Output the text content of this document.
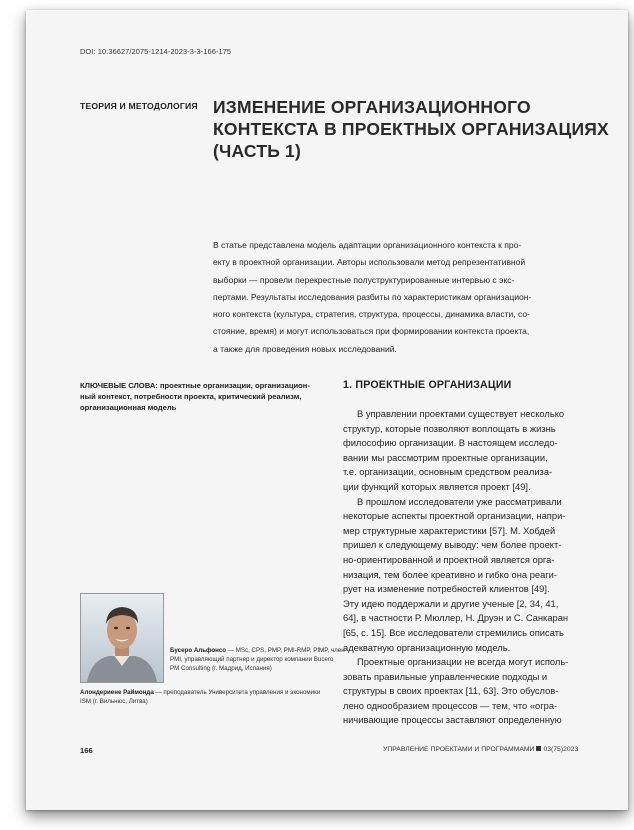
DOI: 10.36627/2075-1214-2023-3-3-166-175
ТЕОРИЯ И МЕТОДОЛОГИЯ ИЗМЕНЕНИЕ ОРГАНИЗАЦИОННОГО
КОНТЕКСТА В ПРОЕКТНЫХ ОРГАНИЗАЦИЯХ
(ЧАСТЬ 1)
В статье представлена модель адаптации организационного контекста к про-
екту в проектной организации. Авторы использовали метод репрезентативной
выборки — провели перекрестные полуструктурированные интервью с экс-
пертами. Результаты исследования разбиты по характеристикам организацион-
ного контекста (культура, стратегия, структура, процессы, динамика власти, со-
стояние, время) и могут использоваться при формировании контекста проекта,
а также для проведения новых исследований.
КЛЮЧЕВЫЕ СЛОВА: проектные организации, организацион-
ный контекст, потребности проекта, критический реализм,
организационная модель
1. ПРОЕКТНЫЕ ОРГАНИЗАЦИИ
В управлении проектами существует несколько
структур, которые позволяют воплощать в жизнь
философию организации. В настоящем исследо-
вании мы рассмотрим проектные организации,
т.е. организации, основным средством реализа-
ции функций которых является проект [49].
В прошлом исследователи уже рассматривали
некоторые аспекты проектной организации, напри-
мер структурные характеристики [57]. М. Хобдей
пришел к следующему выводу: чем более проект-
но-ориентированной и проектной является орга-
низация, тем более креативно и гибко она реаги-
рует на изменение потребностей клиентов [49].
Эту идею поддержали и другие ученые [2, 34, 41,
64], в частности Р. Мюллер, Н. Друэн и С. Санкаран
[65, с. 15]. Все исследователи стремились описать
адекватную организационную модель.
Проектные организации не всегда могут исполь-
зовать правильные управленческие подходы и
структуры в своих проектах [11, 63]. Это обуслов-
лено однообразием процессов — тем, что «огра-
ничивающие процессы заставляют определенную
Бусеро Альфонсо — MSc, CPS, PMP, PMI-RMP, PfMP, член
PMI, управляющий партнер и директор компании Bucero
PM Consulting (г. Мадрид, Испания)
Алондериене Раймонда — преподаватель Университета управления и экономики
ISM (г. Вильнюс, Литва)
166	УПРАВЛЕНИЕ ПРОЕКТАМИ И ПРОГРАММАМИ 03(75)2023
